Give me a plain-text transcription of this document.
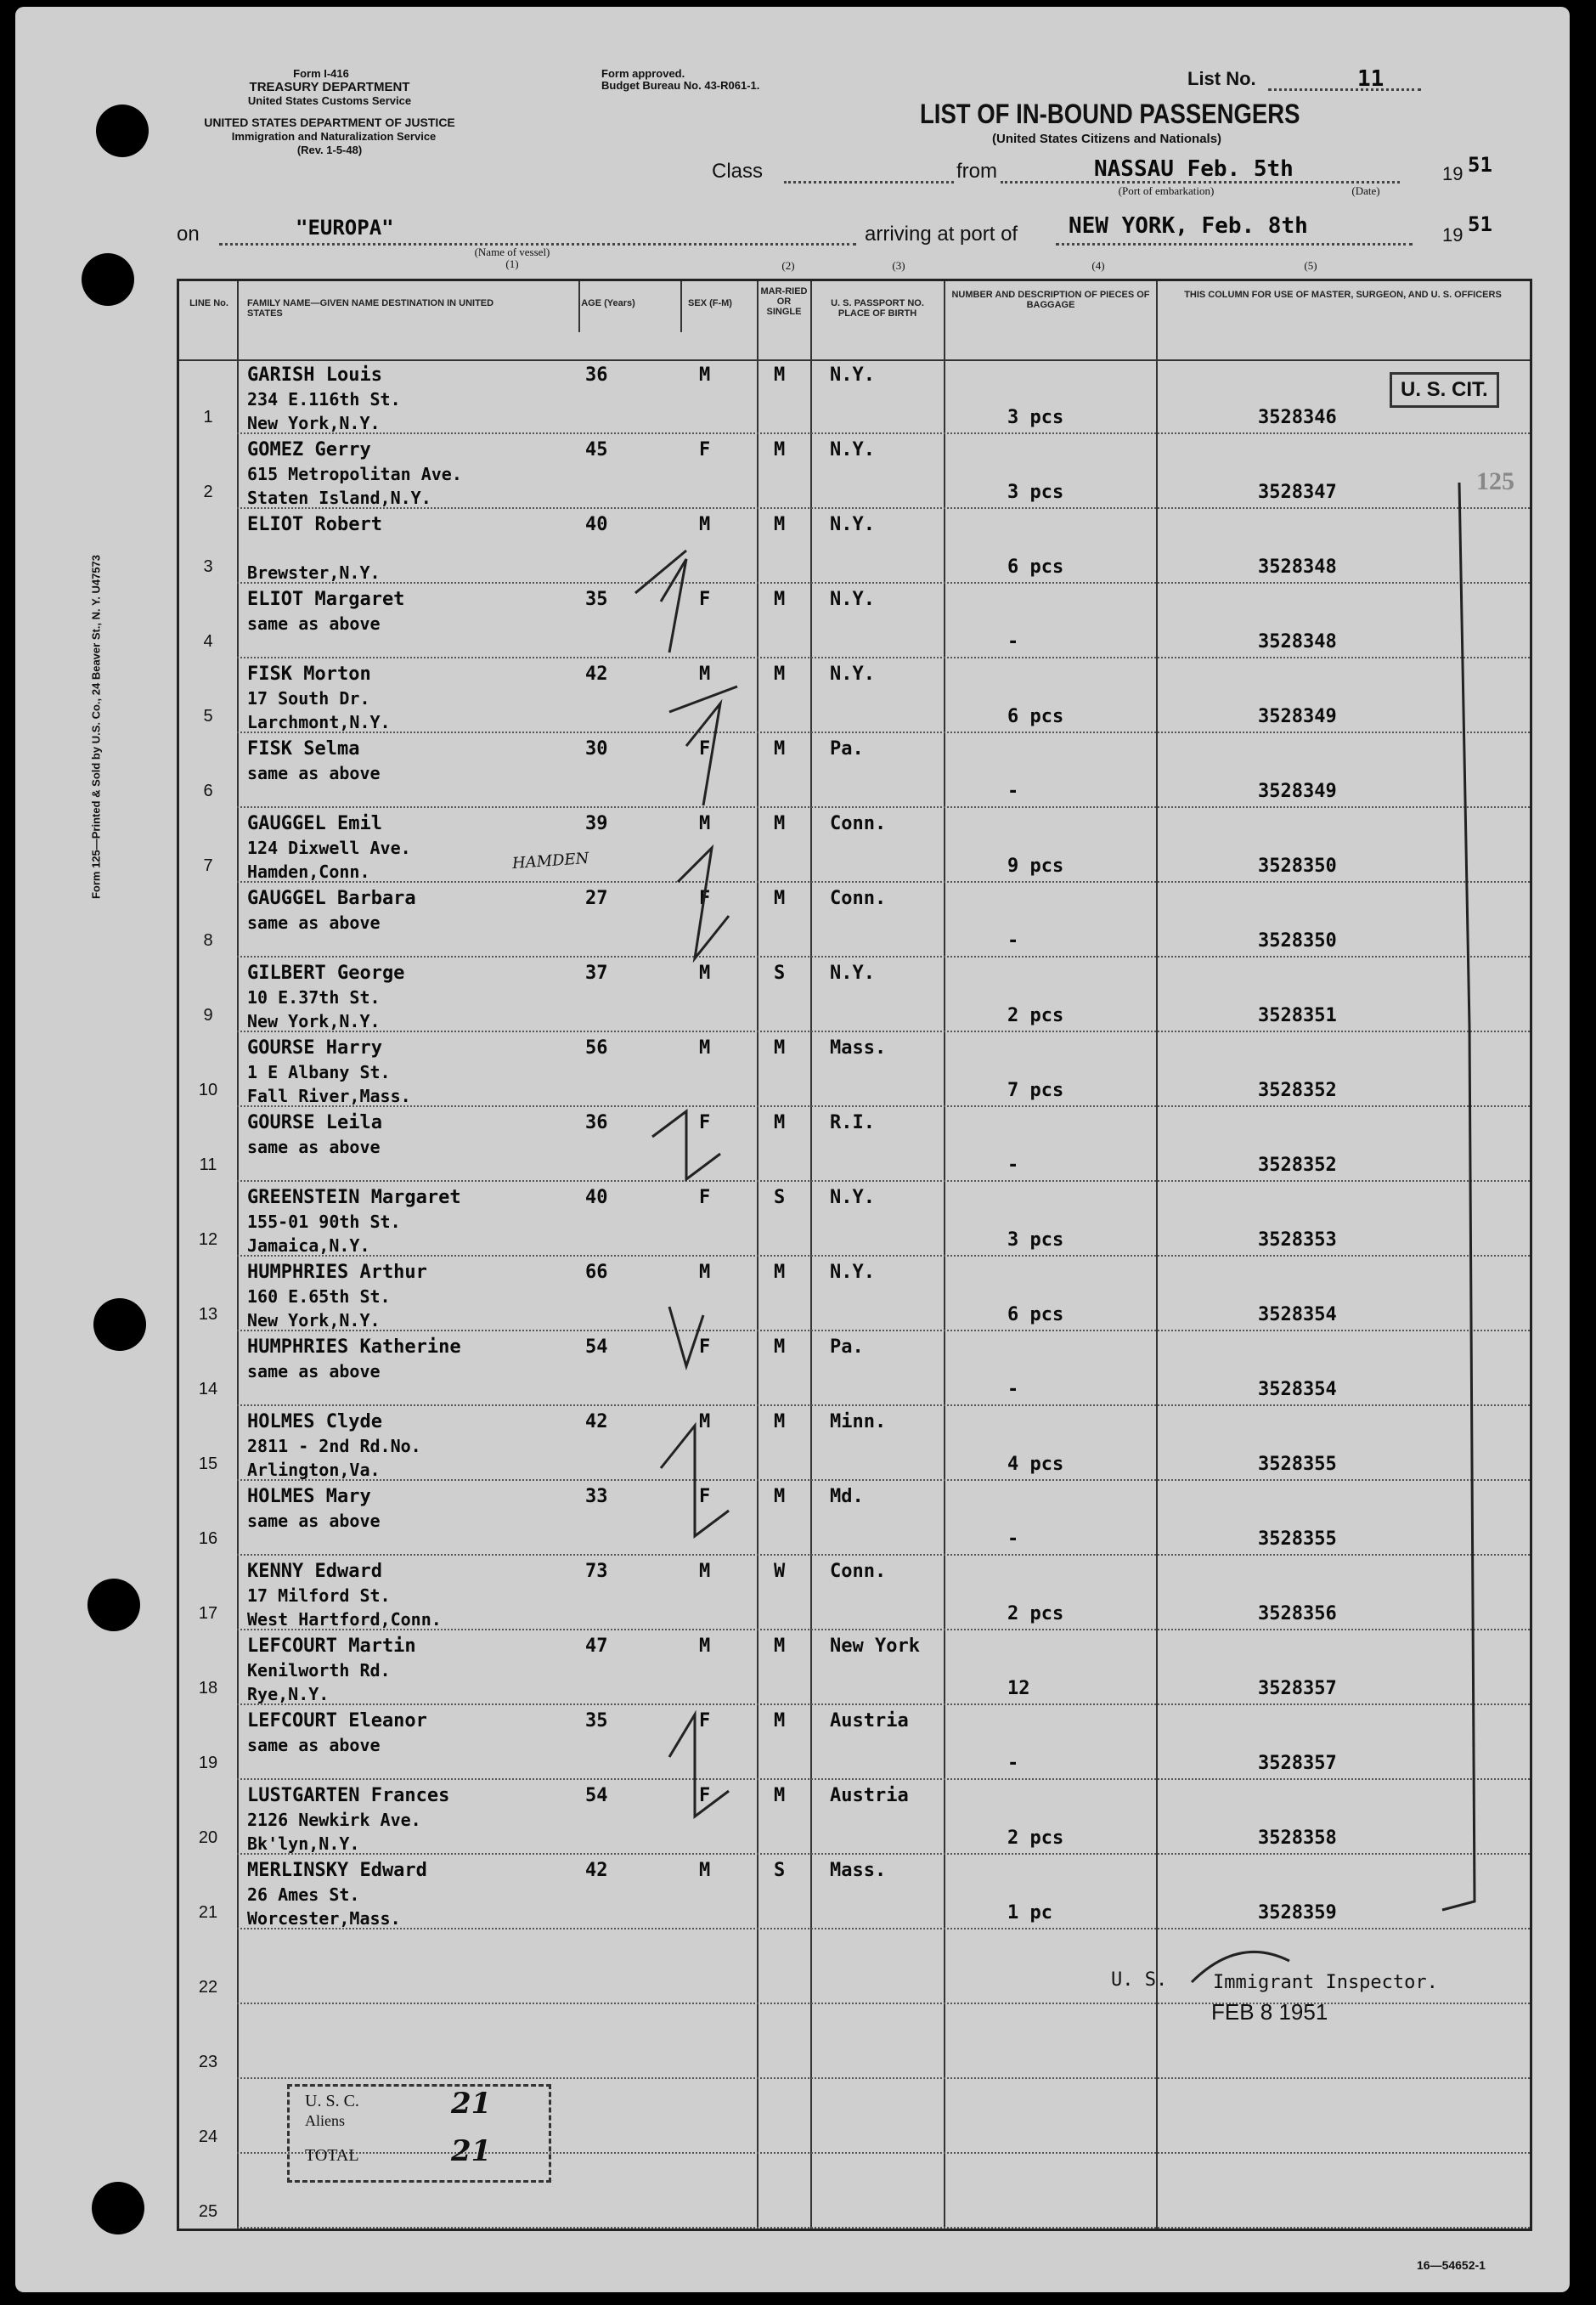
Form I-416
TREASURY DEPARTMENT
United States Customs Service
UNITED STATES DEPARTMENT OF JUSTICE
Immigration and Naturalization Service
(Rev. 1-5-48)
Form approved.
Budget Bureau No. 43-R061-1.	List No.	11
LIST OF IN-BOUND PASSENGERS
(United States Citizens and Nationals)
Class	from	NASSAU Feb. 5th
(Port of embarkation)	(Date)
19 51
on	"EUROPA"
(Name of vessel)
(1)
arriving at port of NEW YORK, Feb. 8th	19 51
(2)	(3)	(4)	(5)
Form 125—Printed & Sold by U.S. Co., 24 Beaver St., N. Y. U47573
LINE No.	FAMILY NAME—GIVEN NAME DESTINATION IN UNITED STATES
AGE (Years)	SEX (F-M)
MAR-RIED OR SINGLE
U. S. PASSPORT NO. PLACE OF BIRTH
NUMBER AND DESCRIPTION OF PIECES OF BAGGAGE
THIS COLUMN FOR USE OF MASTER, SURGEON, AND U. S. OFFICERS
1
GARISH Louis
234 E.116th St.
New York,N.Y.
36	M	M N.Y.
3 pcs	3528346
2
GOMEZ Gerry
615 Metropolitan Ave.
Staten Island,N.Y.
45	F	M N.Y.
3 pcs	3528347
3
ELIOT Robert
Brewster,N.Y.
40	M	M N.Y.
6 pcs	3528348
4
ELIOT Margaret
same as above
35	F	M N.Y.
-	3528348
5
FISK Morton
17 South Dr.
Larchmont,N.Y.
42	M	M N.Y.
6 pcs	3528349
6
FISK Selma
same as above
30	F	M Pa.
-	3528349
7
GAUGGEL Emil
124 Dixwell Ave.
Hamden,Conn.
39	M	M Conn.
9 pcs	3528350
8
GAUGGEL Barbara
same as above
27	F	M Conn.
-	3528350
9
GILBERT George
10 E.37th St.
New York,N.Y.
37	M	S N.Y.
2 pcs	3528351
10
GOURSE Harry
1 E Albany St.
Fall River,Mass.
56	M	M Mass.
7 pcs	3528352
11
GOURSE Leila
same as above
36	F	M R.I.
-	3528352
12
GREENSTEIN Margaret
155-01 90th St.
Jamaica,N.Y.
40	F	S N.Y.
3 pcs	3528353
13
HUMPHRIES Arthur
160 E.65th St.
New York,N.Y.
66	M	M N.Y.
6 pcs	3528354
14
HUMPHRIES Katherine
same as above
54	F	M Pa.
-	3528354
15
HOLMES Clyde
2811 - 2nd Rd.No.
Arlington,Va.
42	M	M Minn.
4 pcs	3528355
16
HOLMES Mary
same as above
33	F	M Md.
-	3528355
17
KENNY Edward
17 Milford St.
West Hartford,Conn.
73	M	W Conn.
2 pcs	3528356
18
LEFCOURT Martin
Kenilworth Rd.
Rye,N.Y.
47	M	M New York
12	3528357
19
LEFCOURT Eleanor
same as above
35	F	M Austria
-	3528357
20
LUSTGARTEN Frances
2126 Newkirk Ave.
Bk'lyn,N.Y.
54	F	M Austria
2 pcs	3528358
21
MERLINSKY Edward
26 Ames St.
Worcester,Mass.
42	M	S Mass.
1 pc	3528359
22
23
24
25
U. S. CIT.
125
HAMDEN
U. S. Immigrant Inspector.
FEB 8 1951
U. S. C.
Aliens
TOTAL
21
21
16—54652-1
